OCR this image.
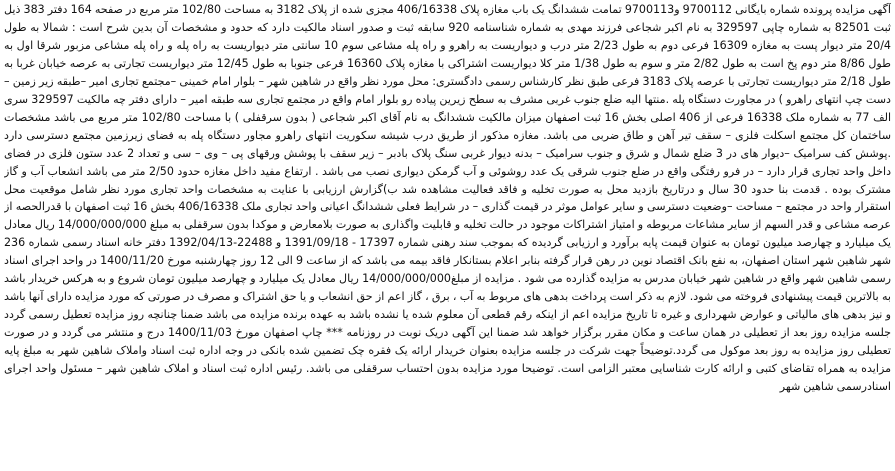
آگهی مزایده پرونده شماره بایگانی 9700112 و9700113 تمامت ششدانگ یک باب مغازه پلاک 406/16338 مجزی شده از پلاک 3182 به مساحت 102/80 متر مربع در صفحه 164 دفتر 383 ذیل ثبت 82501 به شماره چاپی 329597 به نام اکبر شجاعی فرزند مهدی به شماره شناسنامه 920 سابقه ثبت و صدور اسناد مالکیت دارد که حدود و مشخصات آن بدین شرح است : شمالا به طول 20/4 متر دیوار پست به مغازه 16309 فرعی دوم به طول 2/23 متر درب و دیواریست به راهرو و راه پله مشاعی سوم 10 سانتی متر دیواریست به راه پله و راه پله مشاعی مزبور شرقا اول به طول 8/86 متر دوم پخ است به طول 2/82 متر و سوم به طول 1/38 متر کلا دیواریست اشتراکی با مغازه پلاک 16360 فرعی جنوبا به طول 12/45 متر دیواریست تجارتی به عرصه خیابان غربا به طول 2/18 متر دیواریست تجارتی با عرصه پلاک 3183 فرعی طبق نظر کارشناس رسمی دادگستری: محل مورد نظر واقع در شاهین شهر – بلوار امام خمینی –مجتمع تجاری امیر –طبقه زیر زمین – دست چپ انتهای راهرو ) در مجاورت دستگاه پله .منتها الیه ضلع جنوب غربی مشرف به سطح زیرین پیاده رو بلوار امام واقع در مجتمع تجاری سه طبقه امیر – دارای دفتر چه مالکیت 329597 سری الف 77 به شماره ملک 16338 فرعی از 406 اصلی بخش 16 ثبت اصفهان میزان مالکیت ششدانگ به نام آقای اکبر شجاعی ( بدون سرقفلی ) با مساحت 102/80 متر مربع می باشد مشخصات ساختمان کل مجتمع اسکلت فلزی – سقف تیر آهن و طاق ضربی می باشد. مغازه مذکور از طریق درب شیشه سکوریت انتهای راهرو مجاور دستگاه پله به فضای زیرزمین مجتمع دسترسی دارد .پوشش کف سرامیک –دیوار های در 3 ضلع شمال و شرق و جنوب سرامیک – بدنه دیوار غربی سنگ پلاک بادبر – زیر سقف با پوشش ورقهای پی – وی – سی و تعداد 2 عدد ستون فلزی در فضای داخل واحد تجاری قرار دارد – در فرو رفتگی واقع در ضلع جنوب شرقی یک عدد روشوئی و آب گرمکن دیواری نصب می باشد . ارتفاع مفید داخل مغازه حدود 2/50 متر می باشد انشعاب آب و گاز مشترک بوده . قدمت بنا حدود 30 سال و درتاریخ بازدید محل به صورت تخلیه و فاقد فعالیت مشاهده شد ب)گزارش ارزیابی با عنایت به مشخصات واحد تجاری مورد نظر شامل موقعیت محل استقرار واحد در مجتمع – مساحت –وضعیت دسترسی و سایر عوامل موثر در قیمت گذاری – در شرایط فعلی ششدانگ اعیانی واحد تجاری ملک 406/16338 بخش 16 ثبت اصفهان با قدرالحصه از عرصه مشاعی و قدر السهم از سایر مشاعات مربوطه و امتیاز اشتراکات موجود در حالت تخلیه و قابلیت واگذاری به صورت بلامعارض و موکدا بدون سرقفلی به مبلغ 14/000/000/000 ریال معادل یک میلیارد و چهارصد میلیون تومان به عنوان قیمت پایه برآورد و ارزیابی گردیده که بموجب سند رهنی شماره 17397 - 1391/09/18 و 22488-1392/04/13 دفتر خانه اسناد رسمی شماره 236 شهر شاهین شهر استان اصفهان، به نفع بانک اقتصاد نوین در رهن قرار گرفته بنابر اعلام بستانکار فاقد بیمه می باشد که از ساعت 9 الی 12 روز چهارشنبه مورخ 1400/11/20 در واحد اجرای اسناد رسمی شاهین شهر واقع در شاهین شهر خیابان مدرس به مزایده گذارده می شود . مزایده از مبلغ14/000/000/000 ریال معادل یک میلیارد و چهارصد میلیون تومان شروع و به هرکس خریدار باشد به بالاترین قیمت پیشنهادی فروخته می شود. لازم به ذکر است پرداخت بدهی های مربوط به آب ، برق ، گاز اعم از حق انشعاب و یا حق اشتراک و مصرف در صورتی که مورد مزایده دارای آنها باشد و نیز بدهی های مالیاتی و عوارض شهرداری و غیره تا تاریخ مزایده اعم از اینکه رقم قطعی آن معلوم شده یا نشده باشد به عهده برنده مزایده می باشد ضمنا چنانچه روز مزایده تعطیل رسمی گردد جلسه مزایده روز بعد از تعطیلی در همان ساعت و مکان مقرر برگزار خواهد شد ضمنا این آگهی دریک نوبت در روزنامه *** چاپ اصفهان مورخ 1400/11/03 درج و منتشر می گردد و در صورت تعطیلی روز مزایده به روز بعد موکول می گردد.توضیحاً جهت شرکت در جلسه مزایده بعنوان خریدار ارائه یک فقره چک تضمین شده بانکی در وجه اداره ثبت اسناد واملاک شاهین شهر به مبلغ پایه مزایده به همراه تقاضای کتبی و ارائه کارت شناسایی معتبر الزامی است. توضیحا مورد مزایده بدون احتساب سرقفلی می باشد. رئیس اداره ثبت اسناد و املاک شاهین شهر – مسئول واحد اجرای اسنادرسمی شاهین شهر
